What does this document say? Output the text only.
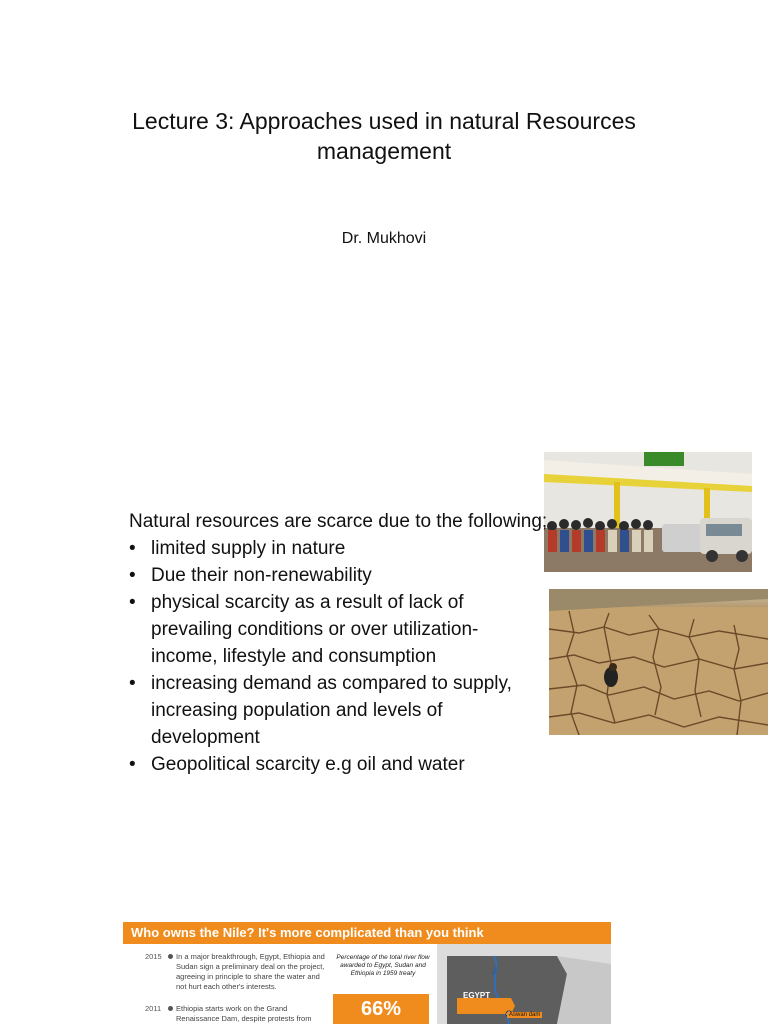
Lecture 3: Approaches used in natural Resources management
Dr. Mukhovi
Natural resources are scarce due to the following;
• limited supply in nature
• Due their non-renewability
• physical scarcity as a result of lack of prevailing conditions or over utilization- income, lifestyle and consumption
• increasing demand as compared to supply, increasing population and levels of development
• Geopolitical scarcity e.g oil and water
Who owns the Nile? It's more complicated than you think
2015 In a major breakthrough, Egypt, Ethiopia and Sudan sign a preliminary deal on the project, agreeing in principle to share the water and not hurt each other's interests.
2011 Ethiopia starts work on the Grand Renaissance Dam, despite protests from
Percentage of the total river flow awarded to Egypt, Sudan and Ethiopia in 1959 treaty
66%
EGYPT
Nile
Aswan dam
